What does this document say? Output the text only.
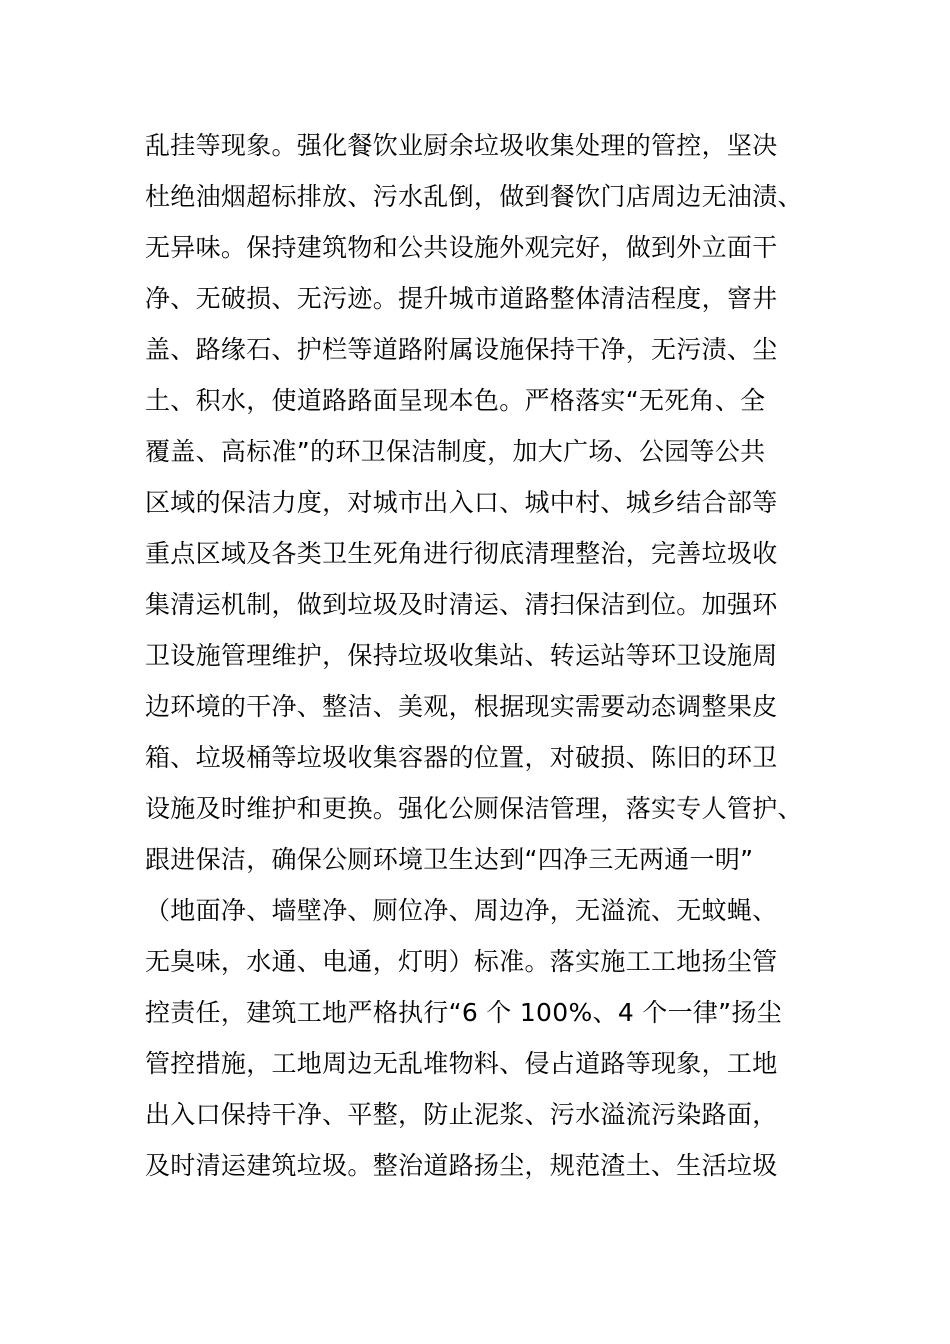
乱挂等现象。强化餐饮业厨余垃圾收集处理的管控，坚决
杜绝油烟超标排放、污水乱倒，做到餐饮门店周边无油渍、
无异味。保持建筑物和公共设施外观完好，做到外立面干
净、无破损、无污迹。提升城市道路整体清洁程度，窨井
盖、路缘石、护栏等道路附属设施保持干净，无污渍、尘
土、积水，使道路路面呈现本色。严格落实“无死角、全
覆盖、高标准”的环卫保洁制度，加大广场、公园等公共
区域的保洁力度，对城市出入口、城中村、城乡结合部等
重点区域及各类卫生死角进行彻底清理整治，完善垃圾收
集清运机制，做到垃圾及时清运、清扫保洁到位。加强环
卫设施管理维护，保持垃圾收集站、转运站等环卫设施周
边环境的干净、整洁、美观，根据现实需要动态调整果皮
箱、垃圾桶等垃圾收集容器的位置，对破损、陈旧的环卫
设施及时维护和更换。强化公厕保洁管理，落实专人管护、
跟进保洁，确保公厕环境卫生达到“四净三无两通一明”
（地面净、墙壁净、厕位净、周边净，无溢流、无蚊蝇、
无臭味，水通、电通，灯明）标准。落实施工工地扬尘管
控责任，建筑工地严格执行“6 个 100%、4 个一律”扬尘
管控措施，工地周边无乱堆物料、侵占道路等现象，工地
出入口保持干净、平整，防止泥浆、污水溢流污染路面，
及时清运建筑垃圾。整治道路扬尘，规范渣土、生活垃圾
